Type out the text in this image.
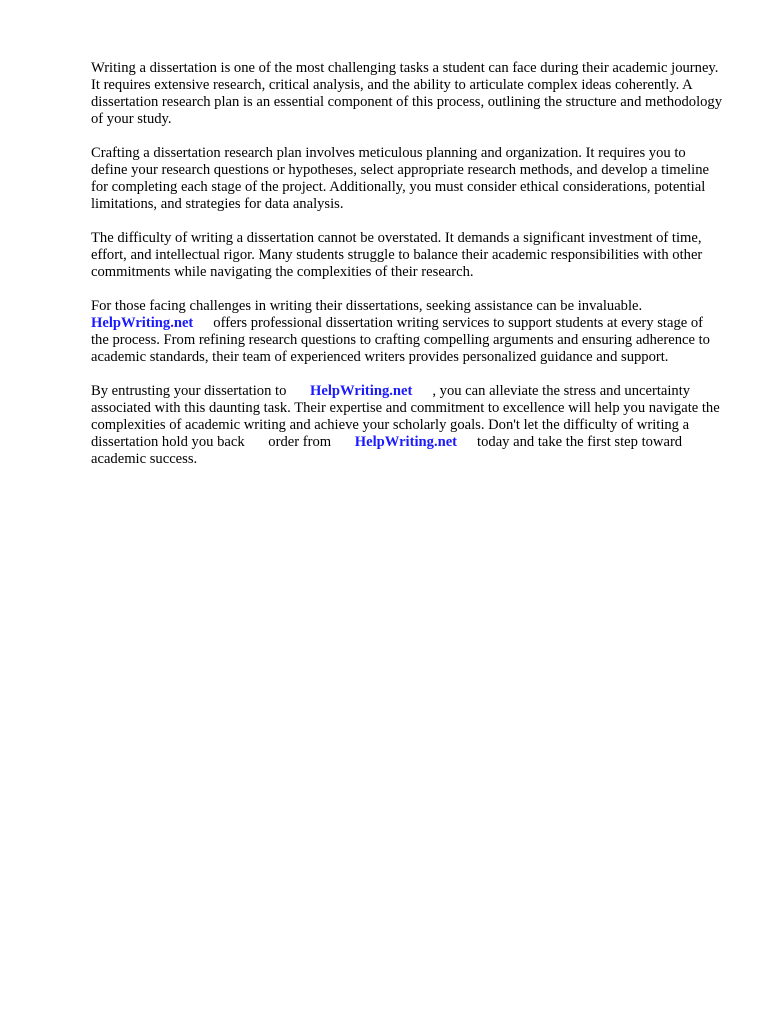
Writing a dissertation is one of the most challenging tasks a student can face during their academic journey. It requires extensive research, critical analysis, and the ability to articulate complex ideas coherently. A dissertation research plan is an essential component of this process, outlining the structure and methodology of your study.

Crafting a dissertation research plan involves meticulous planning and organization. It requires you to define your research questions or hypotheses, select appropriate research methods, and develop a timeline for completing each stage of the project. Additionally, you must consider ethical considerations, potential limitations, and strategies for data analysis.

The difficulty of writing a dissertation cannot be overstated. It demands a significant investment of time, effort, and intellectual rigor. Many students struggle to balance their academic responsibilities with other commitments while navigating the complexities of their research.

For those facing challenges in writing their dissertations, seeking assistance can be invaluable. HelpWriting.net offers professional dissertation writing services to support students at every stage of the process. From refining research questions to crafting compelling arguments and ensuring adherence to academic standards, their team of experienced writers provides personalized guidance and support.

By entrusting your dissertation to HelpWriting.net , you can alleviate the stress and uncertainty associated with this daunting task. Their expertise and commitment to excellence will help you navigate the complexities of academic writing and achieve your scholarly goals. Don't let the difficulty of writing a dissertation hold you back order from HelpWriting.net today and take the first step toward academic success.
